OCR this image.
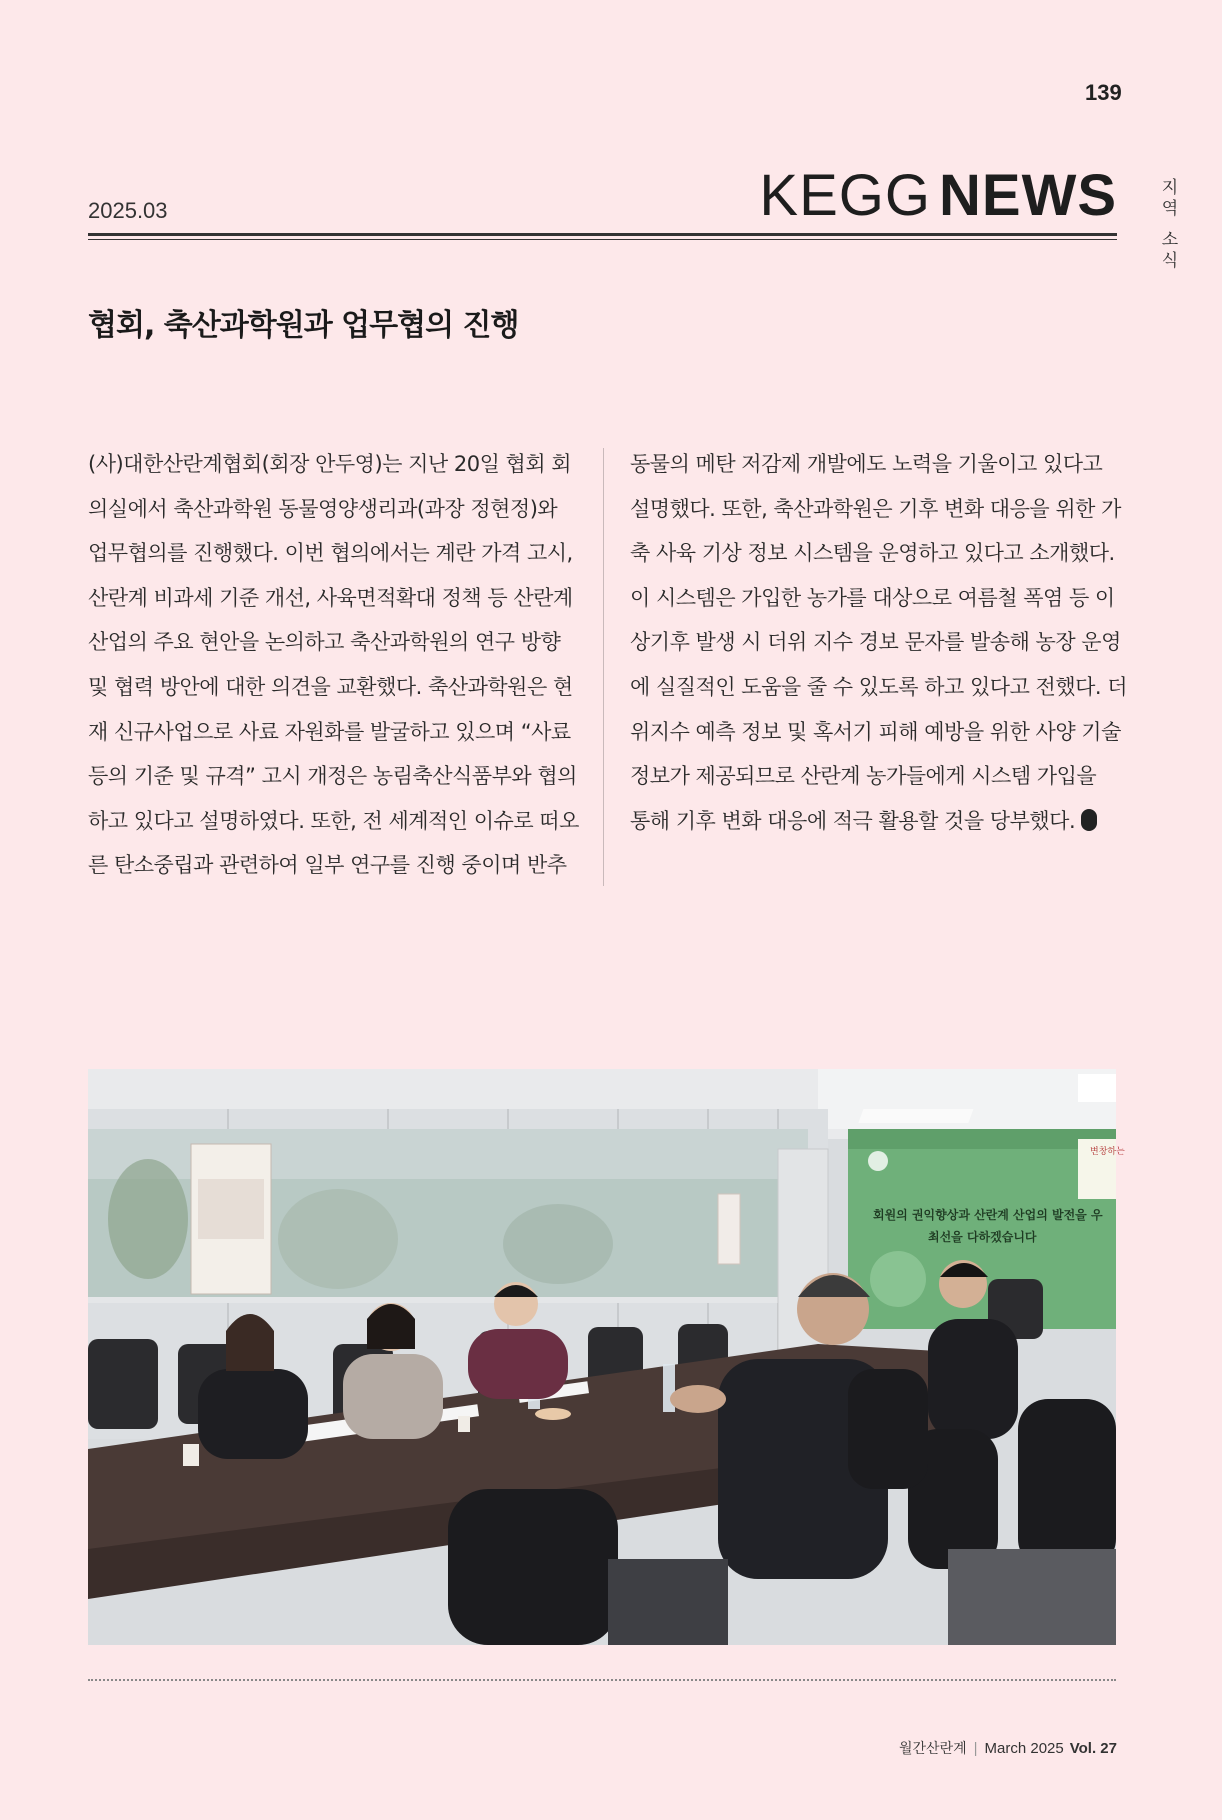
139
2025.03	KEGG NEWS	지
역
소
식
협회, 축산과학원과 업무협의 진행

(사)대한산란계협회(회장 안두영)는 지난 20일 협회 회

의실에서 축산과학원 동물영양생리과(과장 정현정)와

업무협의를 진행했다. 이번 협의에서는 계란 가격 고시,

산란계 비과세 기준 개선, 사육면적확대 정책 등 산란계

산업의 주요 현안을 논의하고 축산과학원의 연구 방향

및 협력 방안에 대한 의견을 교환했다. 축산과학원은 현

재 신규사업으로 사료 자원화를 발굴하고 있으며 “사료

등의 기준 및 규격” 고시 개정은 농림축산식품부와 협의

하고 있다고 설명하였다. 또한, 전 세계적인 이슈로 떠오

른 탄소중립과 관련하여 일부 연구를 진행 중이며 반추

동물의 메탄 저감제 개발에도 노력을 기울이고 있다고

설명했다. 또한, 축산과학원은 기후 변화 대응을 위한 가

축 사육 기상 정보 시스템을 운영하고 있다고 소개했다.

이 시스템은 가입한 농가를 대상으로 여름철 폭염 등 이

상기후 발생 시 더위 지수 경보 문자를 발송해 농장 운영

에 실질적인 도움을 줄 수 있도록 하고 있다고 전했다. 더

위지수 예측 정보 및 혹서기 피해 예방을 위한 사양 기술

정보가 제공되므로 산란계 농가들에게 시스템 가입을

통해 기후 변화 대응에 적극 활용할 것을 당부했다.

변창하는
회원의 권익향상과 산란계 산업의 발전을 우
최선을 다하겠습니다
월간산란계 | March 2025 Vol. 27
